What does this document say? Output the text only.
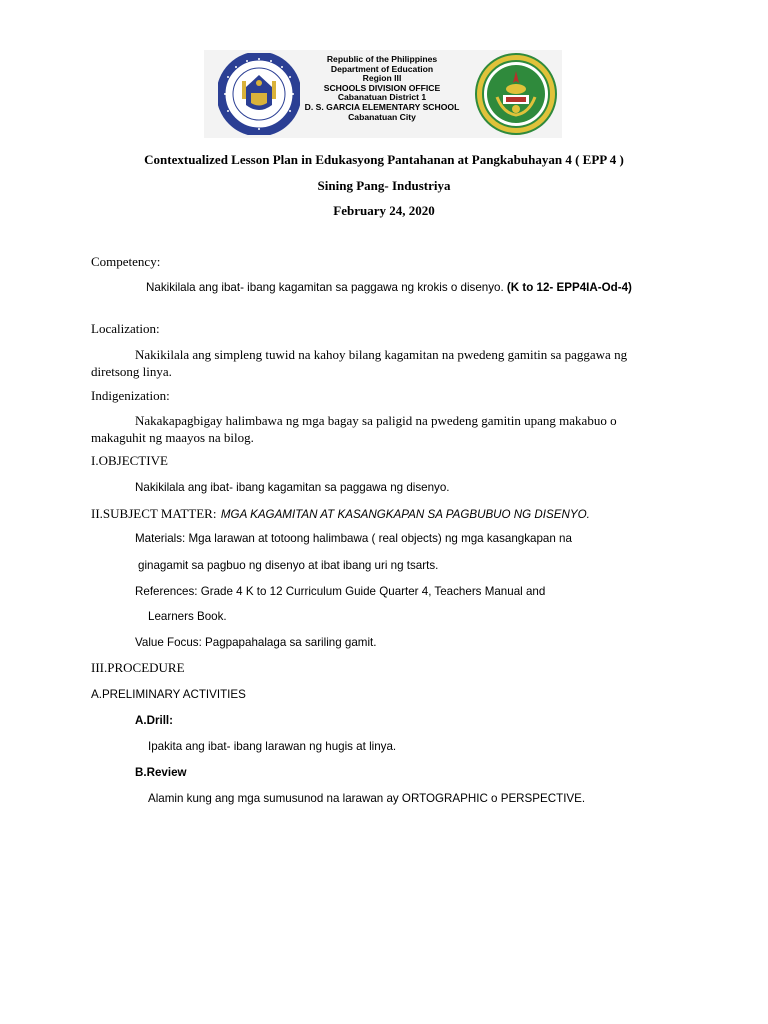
Republic of the Philippines
Department of Education
Region III
SCHOOLS DIVISION OFFICE
Cabanatuan District 1
D. S. GARCIA ELEMENTARY SCHOOL
Cabanatuan City
Contextualized Lesson Plan in Edukasyong Pantahanan at Pangkabuhayan 4 ( EPP 4 )
Sining Pang- Industriya
February 24, 2020
Competency:
Nakikilala ang ibat- ibang kagamitan sa paggawa ng krokis o disenyo. (K to 12- EPP4IA-Od-4)
Localization:
Nakikilala ang simpleng tuwid na kahoy bilang kagamitan na pwedeng gamitin sa paggawa ng diretsong linya.
Indigenization:
Nakakapagbigay halimbawa ng mga bagay sa paligid na pwedeng gamitin upang makabuo o makaguhit ng maayos na bilog.
I.OBJECTIVE
Nakikilala ang ibat- ibang kagamitan sa paggawa ng disenyo.
II.SUBJECT MATTER: MGA KAGAMITAN AT KASANGKAPAN SA PAGBUBUO NG DISENYO.
Materials: Mga larawan at totoong halimbawa ( real objects) ng mga kasangkapan na
ginagamit sa pagbuo ng disenyo at ibat ibang uri ng tsarts.
References: Grade 4 K to 12 Curriculum Guide Quarter 4, Teachers Manual and
Learners Book.
Value Focus: Pagpapahalaga sa sariling gamit.
III.PROCEDURE
A.PRELIMINARY ACTIVITIES
A.Drill:
Ipakita ang ibat- ibang larawan ng hugis at linya.
B.Review
Alamin kung ang mga sumusunod na larawan ay ORTOGRAPHIC o PERSPECTIVE.
